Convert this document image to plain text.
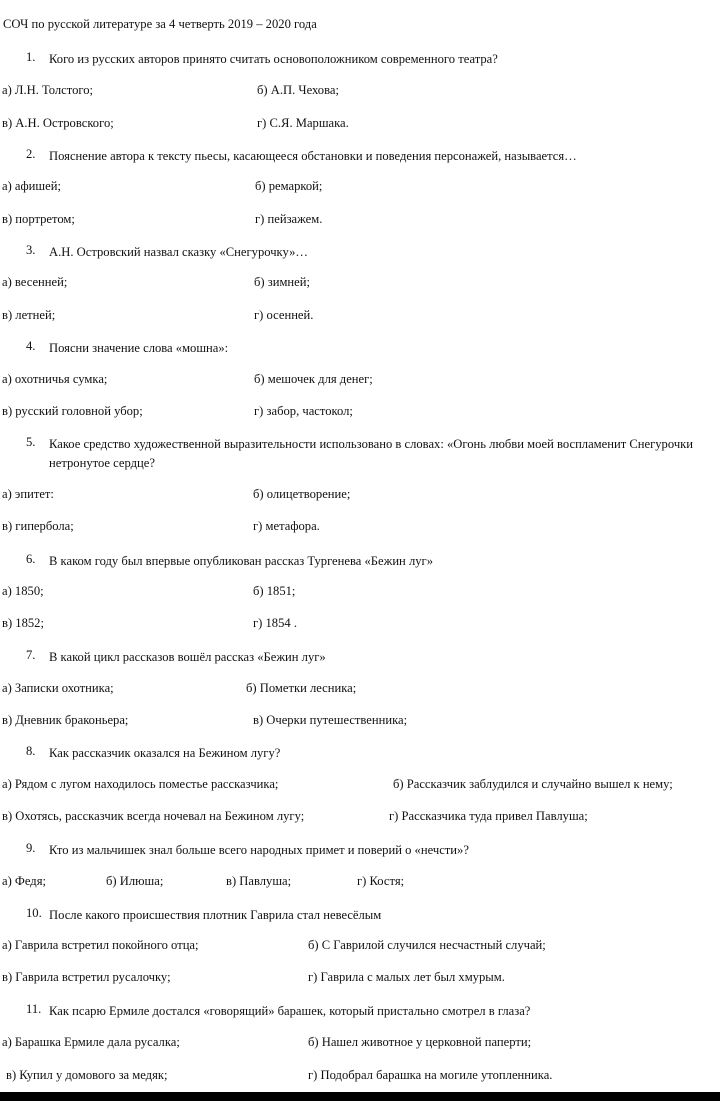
СОЧ по русской литературе за 4 четверть 2019 – 2020 года
1. Кого из русских авторов принято считать основоположником современного театра?
а) Л.Н. Толстого;	б) А.П. Чехова;
в) А.Н. Островского;	г) С.Я. Маршака.
2. Пояснение автора к тексту пьесы, касающееся обстановки и поведения персонажей, называется…
а) афишей;	б) ремаркой;
в) портретом;	г) пейзажем.
3. А.Н. Островский назвал сказку «Снегурочку»…
а) весенней;	б) зимней;
в) летней;	г) осенней.
4. Поясни значение слова «мошна»:
а) охотничья сумка;	б) мешочек для денег;
в) русский головной убор;	г) забор, частокол;
5. Какое средство художественной выразительности использовано в словах: «Огонь любви моей воспламенит Снегурочки нетронутое сердце?
а) эпитет:	б) олицетворение;
в) гипербола;	г) метафора.
6. В каком году был впервые опубликован рассказ Тургенева «Бежин луг»
а) 1850;	б) 1851;
в) 1852;	г) 1854 .
7. В какой цикл рассказов вошёл рассказ «Бежин луг»
а) Записки охотника;	б) Пометки лесника;
в) Дневник браконьера;	в) Очерки путешественника;
8. Как рассказчик оказался на Бежином лугу?
а) Рядом с лугом находилось поместье рассказчика;	б) Рассказчик заблудился и случайно вышел к нему;
в) Охотясь, рассказчик всегда ночевал на Бежином лугу;	г) Рассказчика туда привел Павлуша;
9. Кто из мальчишек знал больше всего народных примет и поверий о «нечсти»?
а) Федя;	б) Илюша;	в) Павлуша;	г) Костя;
10. После какого происшествия плотник Гаврила стал невесёлым
а) Гаврила встретил покойного отца;	б) С Гаврилой случился несчастный случай;
в) Гаврила встретил русалочку;	г) Гаврила с малых лет был хмурым.
11. Как псарю Ермиле достался «говорящий» барашек, который пристально смотрел в глаза?
а) Барашка Ермиле дала русалка;	б) Нашел животное у церковной паперти;
в) Купил у домового за медяк;	г) Подобрал барашка на могиле утопленника.
